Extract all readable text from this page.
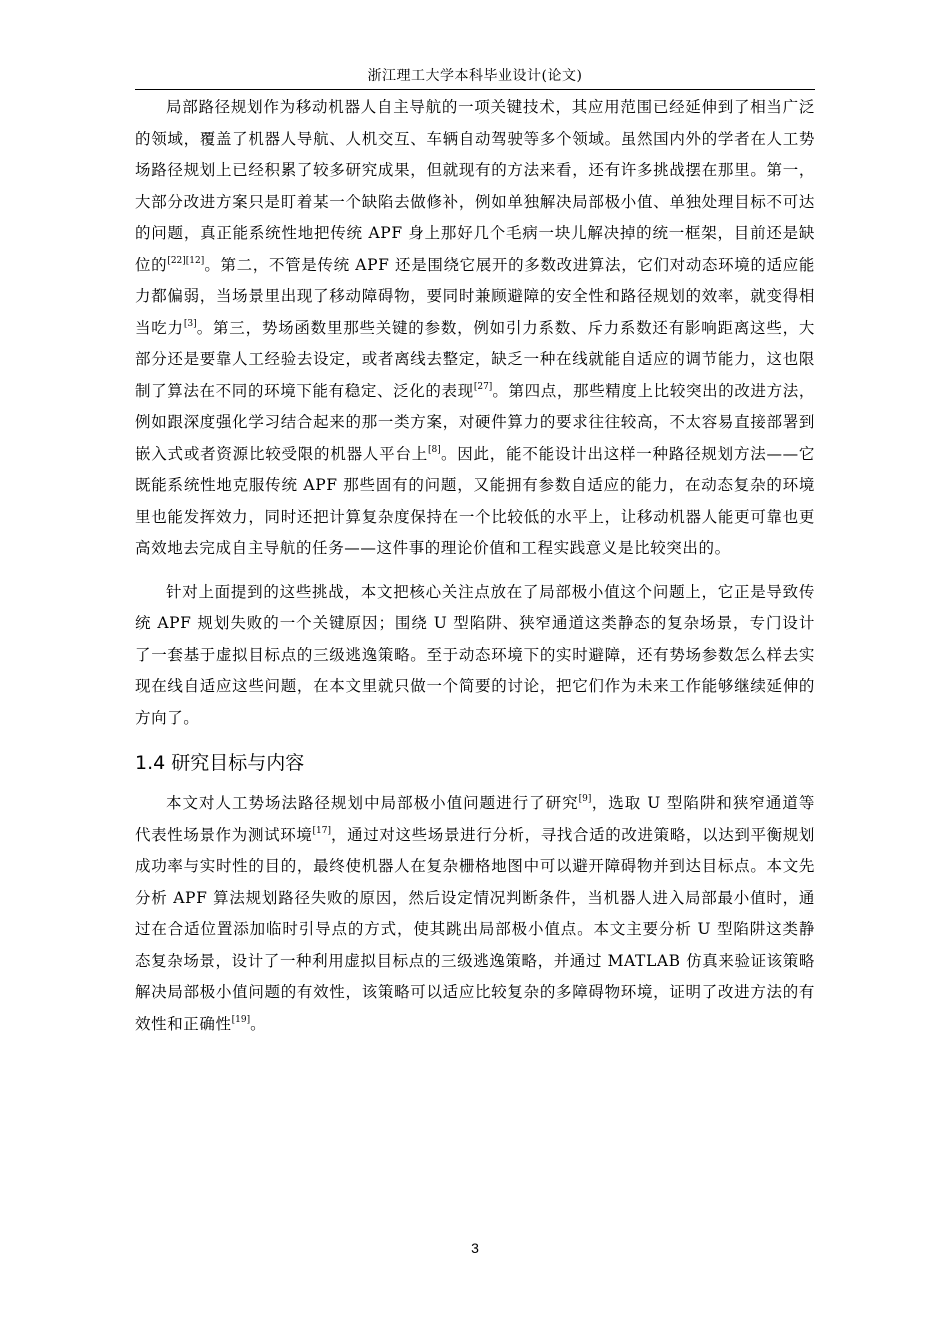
浙江理工大学本科毕业设计(论文)

局部路径规划作为移动机器人自主导航的一项关键技术，其应用范围已经延伸到了相当广泛的领域，覆盖了机器人导航、人机交互、车辆自动驾驶等多个领域。虽然国内外的学者在人工势场路径规划上已经积累了较多研究成果，但就现有的方法来看，还有许多挑战摆在那里。第一，大部分改进方案只是盯着某一个缺陷去做修补，例如单独解决局部极小值、单独处理目标不可达的问题，真正能系统性地把传统 APF 身上那好几个毛病一块儿解决掉的统一框架，目前还是缺位的[22][12]。第二，不管是传统 APF 还是围绕它展开的多数改进算法，它们对动态环境的适应能力都偏弱，当场景里出现了移动障碍物，要同时兼顾避障的安全性和路径规划的效率，就变得相当吃力[3]。第三，势场函数里那些关键的参数，例如引力系数、斥力系数还有影响距离这些，大部分还是要靠人工经验去设定，或者离线去整定，缺乏一种在线就能自适应的调节能力，这也限制了算法在不同的环境下能有稳定、泛化的表现[27]。第四点，那些精度上比较突出的改进方法，例如跟深度强化学习结合起来的那一类方案，对硬件算力的要求往往较高，不太容易直接部署到嵌入式或者资源比较受限的机器人平台上[8]。因此，能不能设计出这样一种路径规划方法——它既能系统性地克服传统 APF 那些固有的问题，又能拥有参数自适应的能力，在动态复杂的环境里也能发挥效力，同时还把计算复杂度保持在一个比较低的水平上，让移动机器人能更可靠也更高效地去完成自主导航的任务——这件事的理论价值和工程实践意义是比较突出的。

针对上面提到的这些挑战，本文把核心关注点放在了局部极小值这个问题上，它正是导致传统 APF 规划失败的一个关键原因；围绕 U 型陷阱、狭窄通道这类静态的复杂场景，专门设计了一套基于虚拟目标点的三级逃逸策略。至于动态环境下的实时避障，还有势场参数怎么样去实现在线自适应这些问题，在本文里就只做一个简要的讨论，把它们作为未来工作能够继续延伸的方向了。

1.4 研究目标与内容

本文对人工势场法路径规划中局部极小值问题进行了研究[9]，选取 U 型陷阱和狭窄通道等代表性场景作为测试环境[17]，通过对这些场景进行分析，寻找合适的改进策略，以达到平衡规划成功率与实时性的目的，最终使机器人在复杂栅格地图中可以避开障碍物并到达目标点。本文先分析 APF 算法规划路径失败的原因，然后设定情况判断条件，当机器人进入局部最小值时，通过在合适位置添加临时引导点的方式，使其跳出局部极小值点。本文主要分析 U 型陷阱这类静态复杂场景，设计了一种利用虚拟目标点的三级逃逸策略，并通过 MATLAB 仿真来验证该策略解决局部极小值问题的有效性，该策略可以适应比较复杂的多障碍物环境，证明了改进方法的有效性和正确性[19]。

3
